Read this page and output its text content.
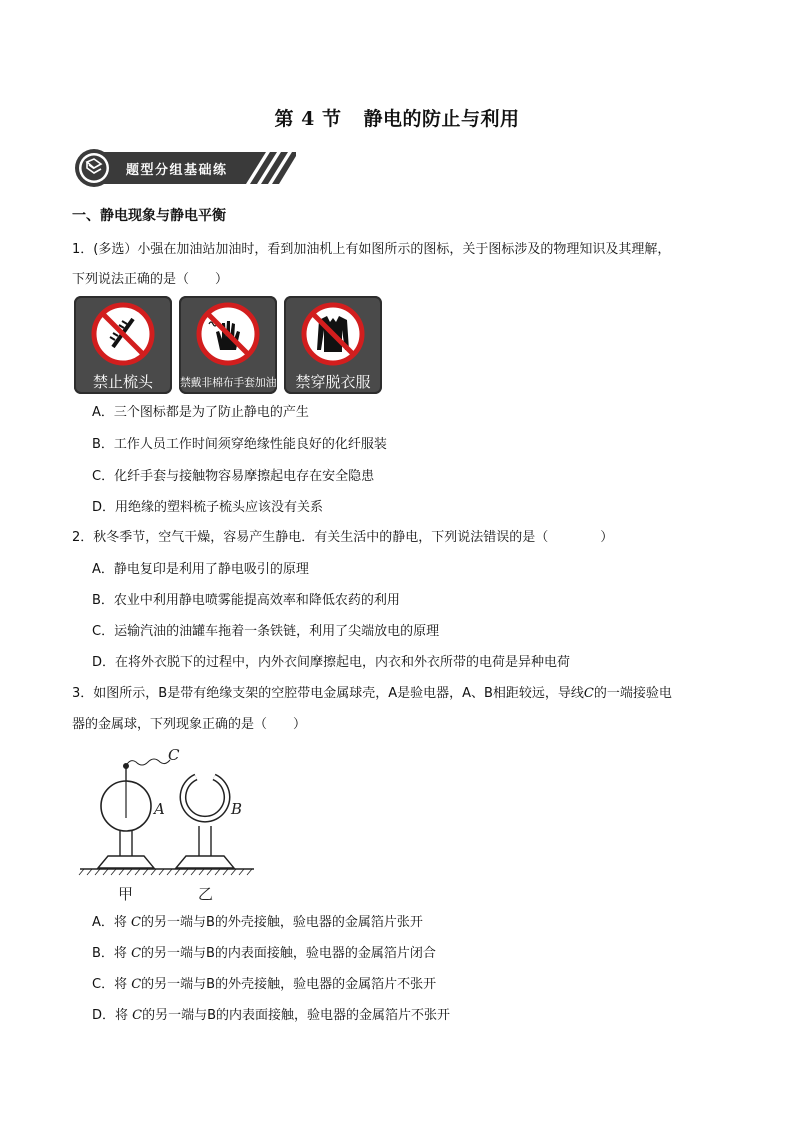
第 4 节 静电的防止与利用
题型分组基础练
一、静电现象与静电平衡
1．(多选）小强在加油站加油时，看到加油机上有如图所示的图标，关于图标涉及的物理知识及其理解，
下列说法正确的是（　　）
禁止梳头	禁戴非棉布手套加油	禁穿脱衣服
A．三个图标都是为了防止静电的产生
B．工作人员工作时间须穿绝缘性能良好的化纤服装
C．化纤手套与接触物容易摩擦起电存在安全隐患
D．用绝缘的塑料梳子梳头应该没有关系
2．秋冬季节，空气干燥，容易产生静电．有关生活中的静电，下列说法错误的是（　　　　）
A．静电复印是利用了静电吸引的原理
B．农业中利用静电喷雾能提高效率和降低农药的利用
C．运输汽油的油罐车拖着一条铁链，利用了尖端放电的原理
D．在将外衣脱下的过程中，内外衣间摩擦起电，内衣和外衣所带的电荷是异种电荷
3．如图所示，B是带有绝缘支架的空腔带电金属球壳，A是验电器，A、B相距较远，导线C的一端接验电
器的金属球，下列现象正确的是（　　）
C
A	B
甲	乙
A．将 C的另一端与B的外壳接触，验电器的金属箔片张开
B．将 C的另一端与B的内表面接触，验电器的金属箔片闭合
C．将 C的另一端与B的外壳接触，验电器的金属箔片不张开
D．将 C的另一端与B的内表面接触，验电器的金属箔片不张开
